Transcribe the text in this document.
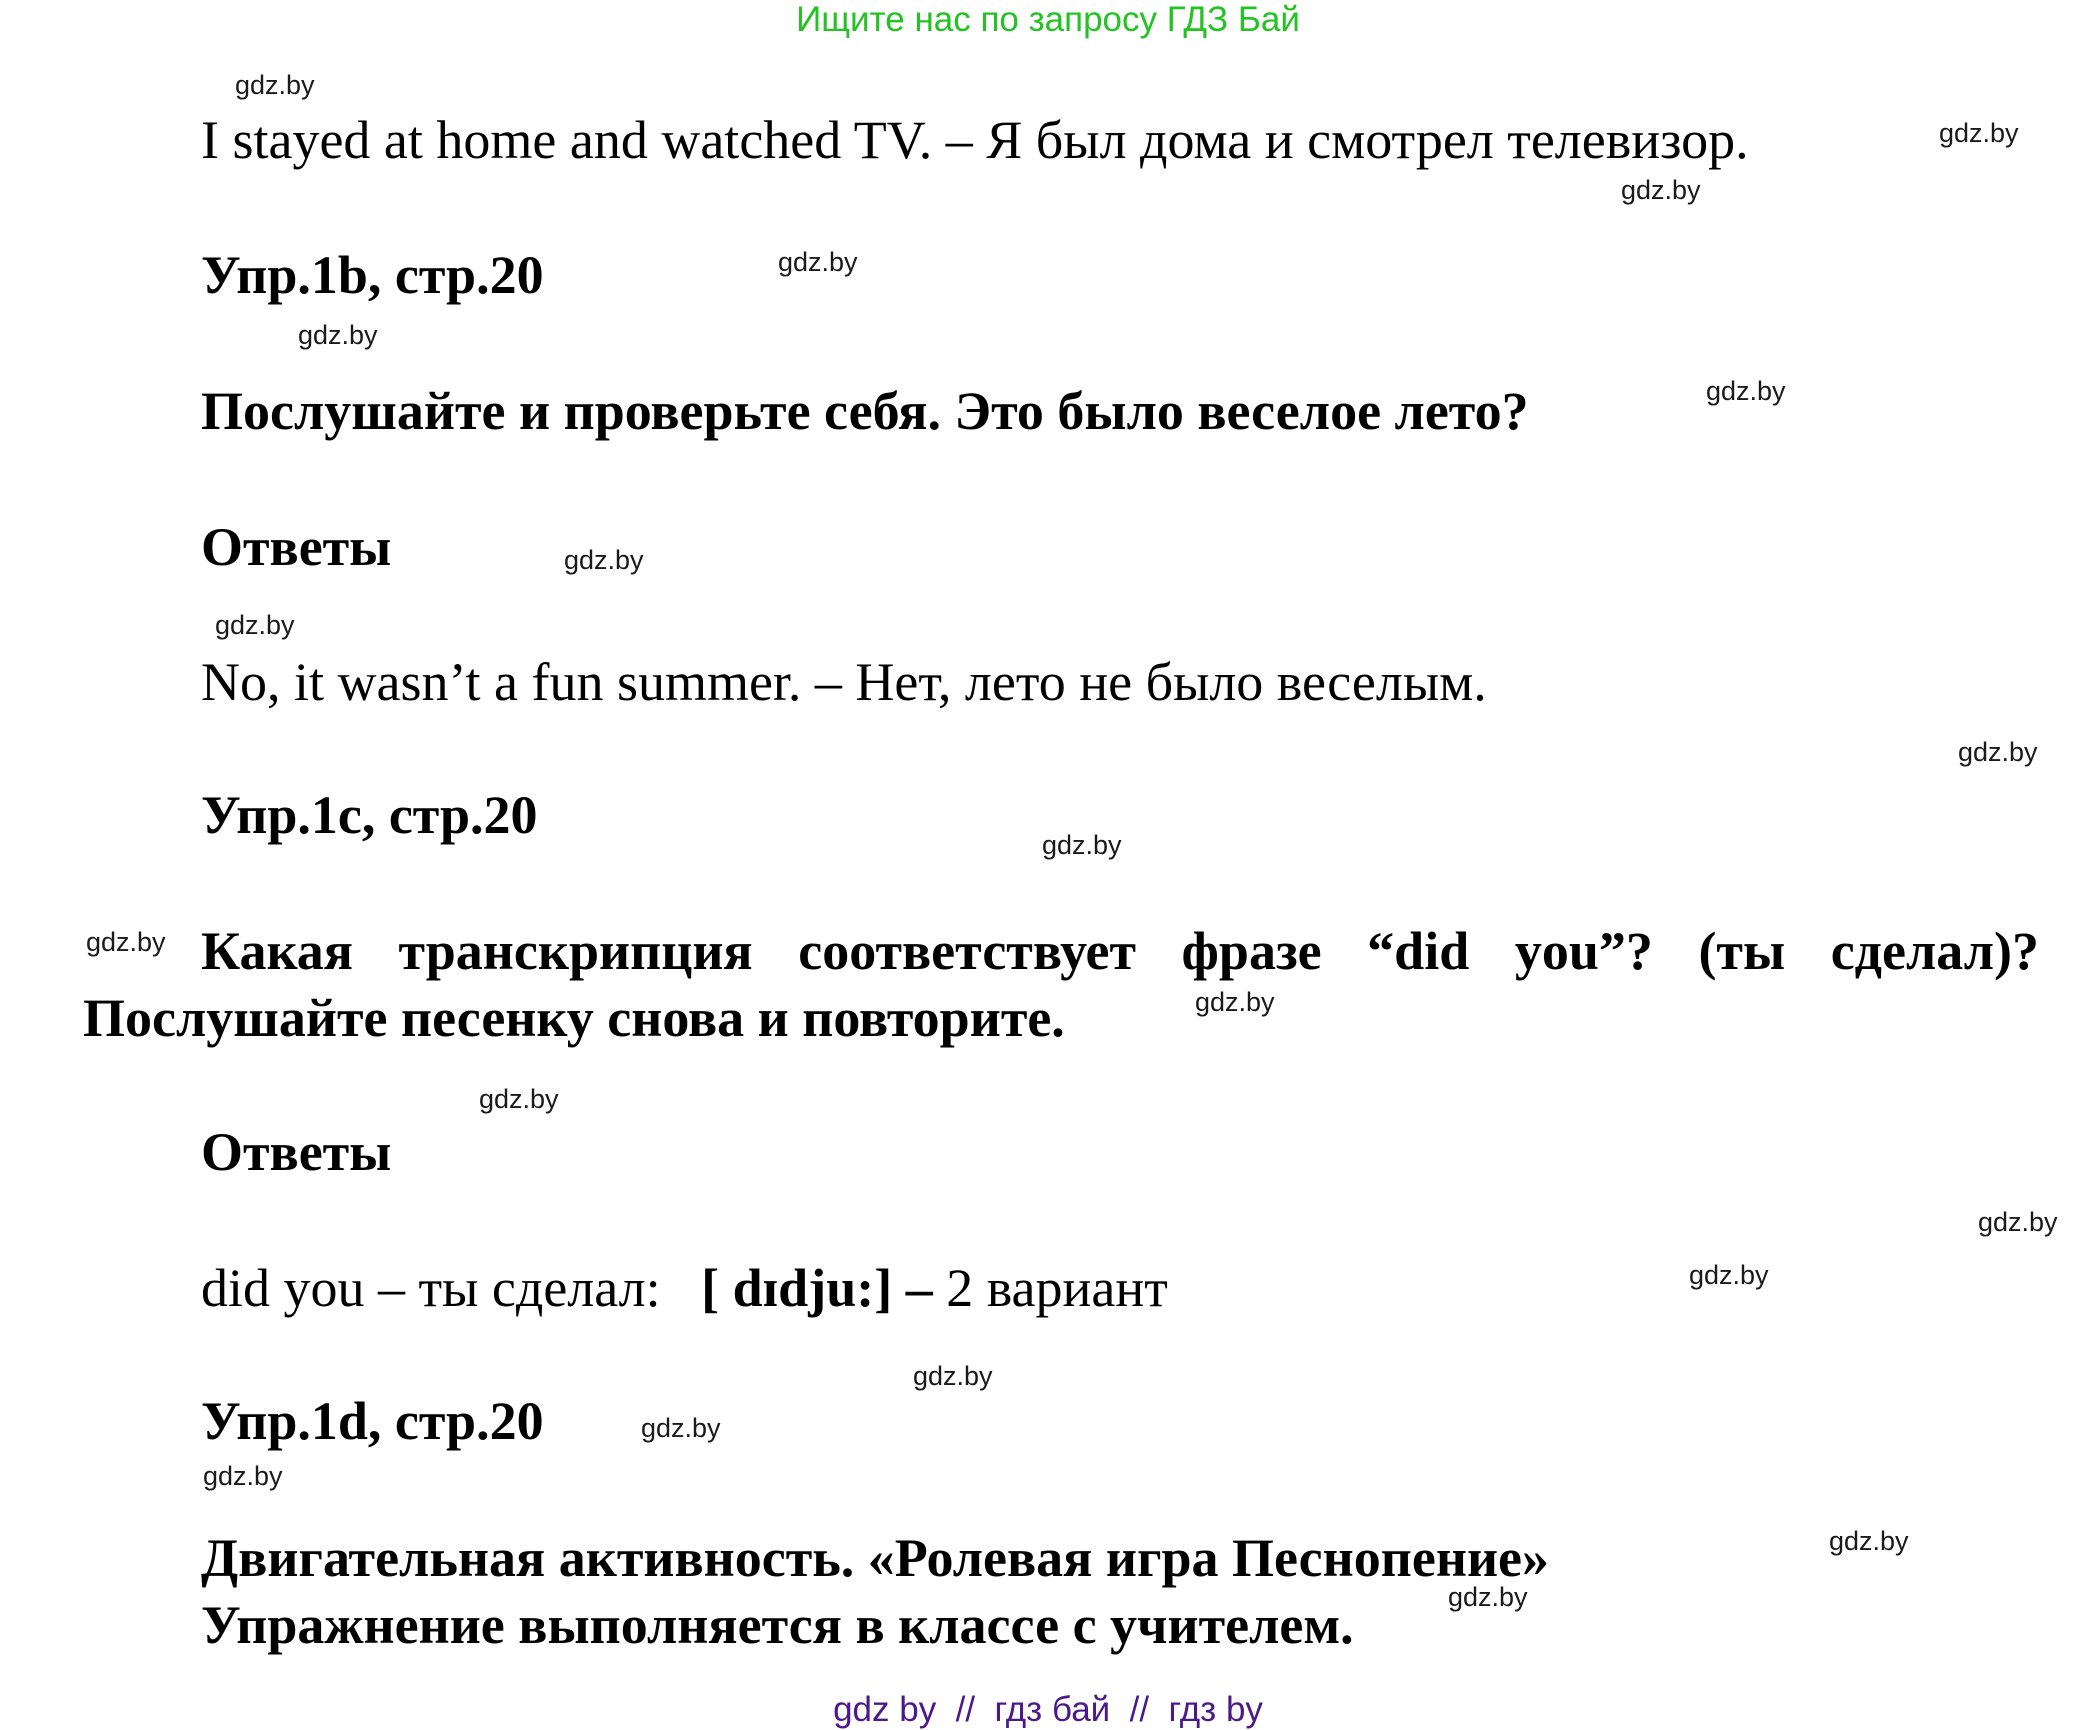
Ищите нас по запросу ГДЗ Бай
gdz.by
gdz.by
gdz.by
gdz.by
gdz.by
gdz.by
gdz.by
gdz.by
gdz.by
gdz.by
gdz.by
gdz.by
gdz.by
gdz.by
gdz.by
gdz.by
gdz.by
gdz.by
gdz.by
gdz.by
I stayed at home and watched TV. – Я был дома и смотрел телевизор.
Упр.1b, стр.20
Послушайте и проверьте себя. Это было веселое лето?
Ответы
No, it wasn’t a fun summer. – Нет, лето не было веселым.
Упр.1c, стр.20
Какая транскрипция соответствует фразе “did you”? (ты сделал)?
Послушайте песенку снова и повторите.
Ответы
did you – ты сделал: [ dɪdju:] – 2 вариант
Упр.1d, стр.20
Двигательная активность. «Ролевая игра Песнопение»
Упражнение выполняется в классе с учителем.
gdz by  //  гдз бай  //  гдз by
